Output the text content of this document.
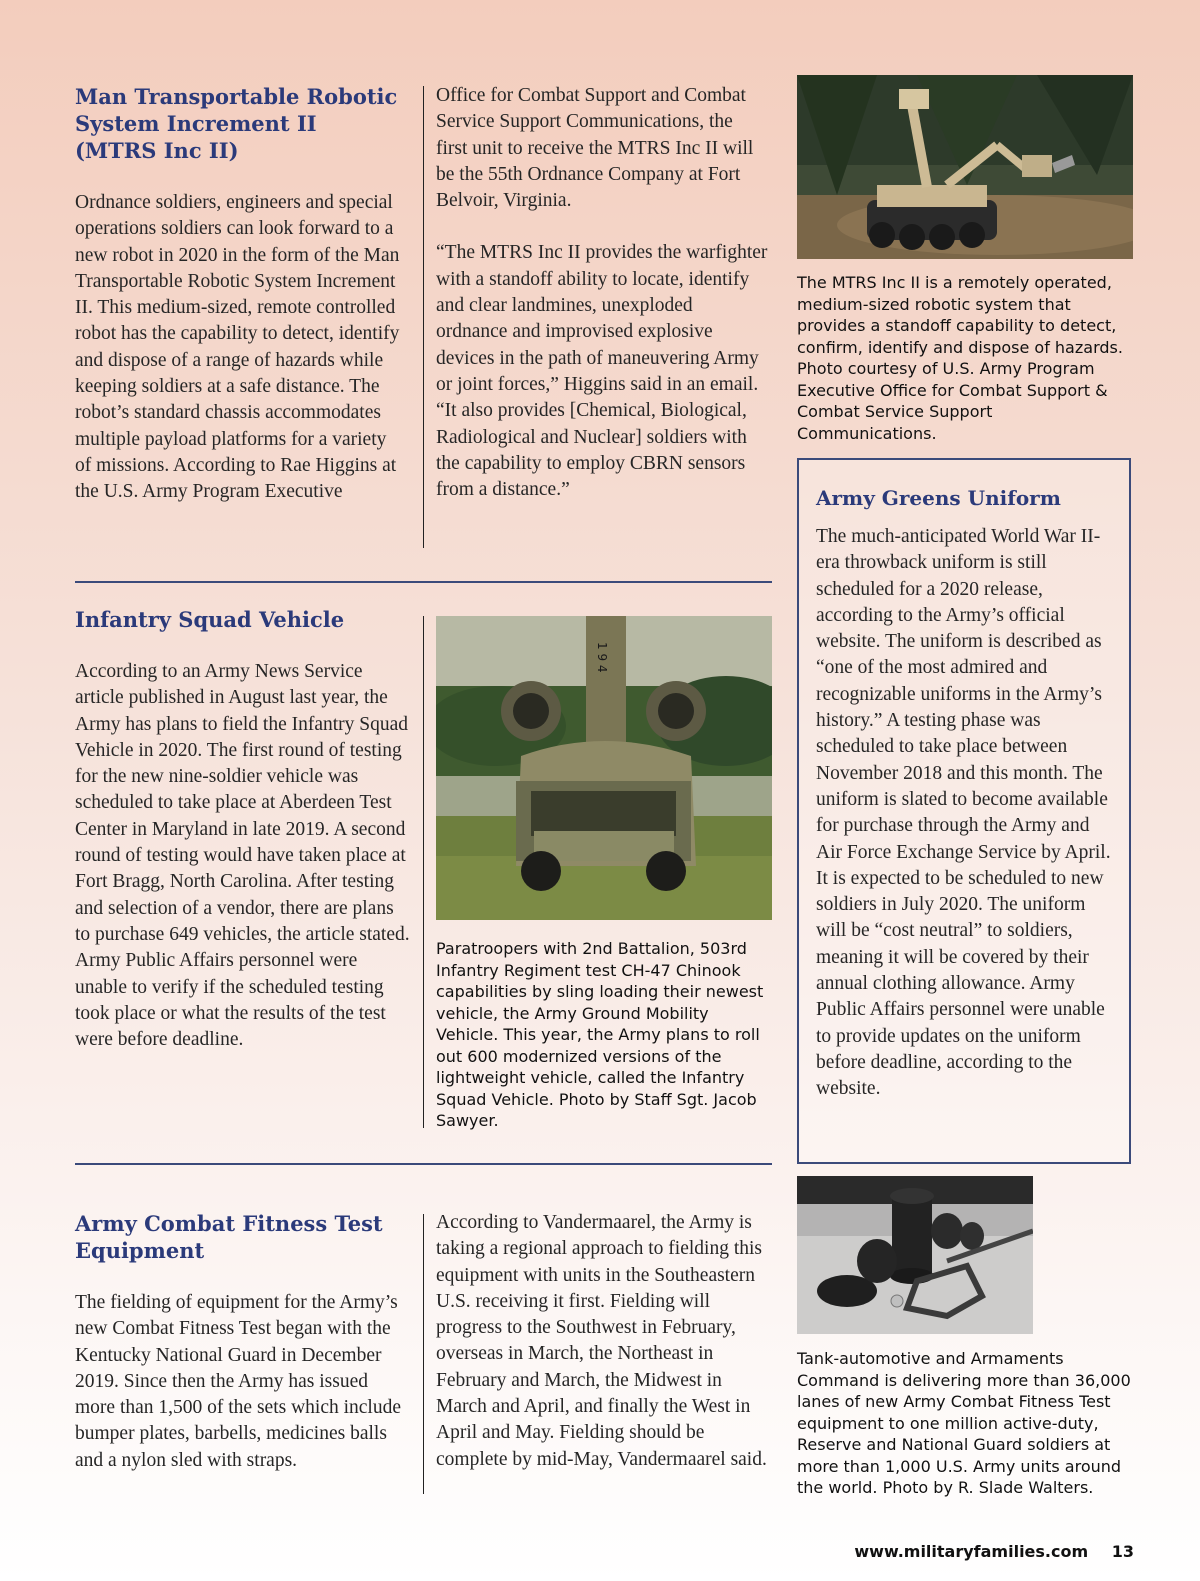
Man Transportable Robotic System Increment II (MTRS Inc II)

Ordnance soldiers, engineers and special operations soldiers can look forward to a new robot in 2020 in the form of the Man Transportable Robotic System Increment II. This medium-sized, remote controlled robot has the capability to detect, identify and dispose of a range of hazards while keeping soldiers at a safe distance. The robot’s standard chassis accommodates multiple payload platforms for a variety of missions. According to Rae Higgins at the U.S. Army Program Executive

Office for Combat Support and Combat Service Support Communications, the first unit to receive the MTRS Inc II will be the 55th Ordnance Company at Fort Belvoir, Virginia.

“The MTRS Inc II provides the warfighter with a standoff ability to locate, identify and clear landmines, unexploded ordnance and improvised explosive devices in the path of maneuvering Army or joint forces,” Higgins said in an email. “It also provides [Chemical, Biological, Radiological and Nuclear] soldiers with the capability to employ CBRN sensors from a distance.”

The MTRS Inc II is a remotely operated, medium-sized robotic system that provides a standoff capability to detect, confirm, identify and dispose of hazards. Photo courtesy of U.S. Army Program Executive Office for Combat Support & Combat Service Support Communications.
Infantry Squad Vehicle

According to an Army News Service article published in August last year, the Army has plans to field the Infantry Squad Vehicle in 2020. The first round of testing for the new nine-soldier vehicle was scheduled to take place at Aberdeen Test Center in Maryland in late 2019. A second round of testing would have taken place at Fort Bragg, North Carolina. After testing and selection of a vendor, there are plans to purchase 649 vehicles, the article stated. Army Public Affairs personnel were unable to verify if the scheduled testing took place or what the results of the test were before deadline.

1 9 4
Paratroopers with 2nd Battalion, 503rd Infantry Regiment test CH-47 Chinook capabilities by sling loading their newest vehicle, the Army Ground Mobility Vehicle. This year, the Army plans to roll out 600 modernized versions of the lightweight vehicle, called the Infantry Squad Vehicle. Photo by Staff Sgt. Jacob Sawyer.
Army Greens Uniform

The much-anticipated World War II-era throwback uniform is still scheduled for a 2020 release, according to the Army’s official website. The uniform is described as “one of the most admired and recognizable uniforms in the Army’s history.” A testing phase was scheduled to take place between November 2018 and this month. The uniform is slated to become available for purchase through the Army and Air Force Exchange Service by April. It is expected to be scheduled to new soldiers in July 2020. The uniform will be “cost neutral” to soldiers, meaning it will be covered by their annual clothing allowance. Army Public Affairs personnel were unable to provide updates on the uniform before deadline, according to the website.

Army Combat Fitness Test Equipment

The fielding of equipment for the Army’s new Combat Fitness Test began with the Kentucky National Guard in December 2019. Since then the Army has issued more than 1,500 of the sets which include bumper plates, barbells, medicines balls and a nylon sled with straps.

According to Vandermaarel, the Army is taking a regional approach to fielding this equipment with units in the Southeastern U.S. receiving it first. Fielding will progress to the Southwest in February, overseas in March, the Northeast in February and March, the Midwest in March and April, and finally the West in April and May. Fielding should be complete by mid-May, Vandermaarel said.

Tank-automotive and Armaments Command is delivering more than 36,000 lanes of new Army Combat Fitness Test equipment to one million active-duty, Reserve and National Guard soldiers at more than 1,000 U.S. Army units around the world. Photo by R. Slade Walters.
www.militaryfamilies.com 13
